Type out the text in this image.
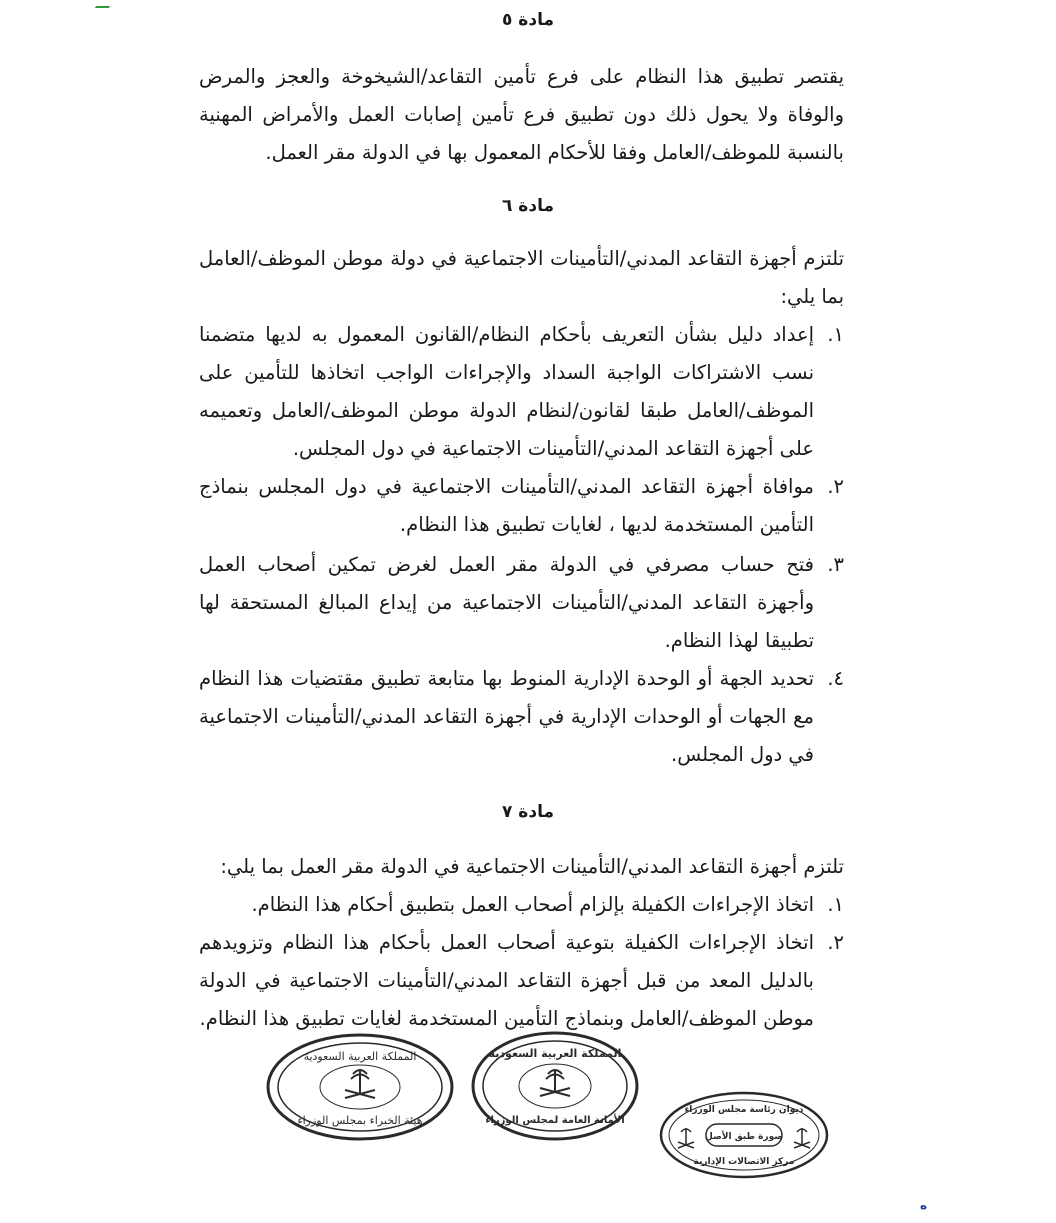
مادة ٥

يقتصر تطبيق هذا النظام على فرع تأمين التقاعد/الشيخوخة والعجز والمرض والوفاة ولا يحول ذلك دون تطبيق فرع تأمين إصابات العمل والأمراض المهنية بالنسبة للموظف/العامل وفقا للأحكام المعمول بها في الدولة مقر العمل.

مادة ٦

تلتزم أجهزة التقاعد المدني/التأمينات الاجتماعية في دولة موطن الموظف/العامل بما يلي:

١.

إعداد دليل بشأن التعريف بأحكام النظام/القانون المعمول به لديها متضمنا نسب الاشتراكات الواجبة السداد والإجراءات الواجب اتخاذها للتأمين على الموظف/العامل طبقا لقانون/لنظام الدولة موطن الموظف/العامل وتعميمه على أجهزة التقاعد المدني/التأمينات الاجتماعية في دول المجلس.

٢.

موافاة أجهزة التقاعد المدني/التأمينات الاجتماعية في دول المجلس بنماذج التأمين المستخدمة لديها ، لغايات تطبيق هذا النظام.

٣.

فتح حساب مصرفي في الدولة مقر العمل لغرض تمكين أصحاب العمل وأجهزة التقاعد المدني/التأمينات الاجتماعية من إيداع المبالغ المستحقة لها تطبيقا لهذا النظام.

٤.

تحديد الجهة أو الوحدة الإدارية المنوط بها متابعة تطبيق مقتضيات هذا النظام مع الجهات أو الوحدات الإدارية في أجهزة التقاعد المدني/التأمينات الاجتماعية في دول المجلس.

مادة ٧

تلتزم أجهزة التقاعد المدني/التأمينات الاجتماعية في الدولة مقر العمل بما يلي:

١.

اتخاذ الإجراءات الكفيلة بإلزام أصحاب العمل بتطبيق أحكام هذا النظام.

٢.

اتخاذ الإجراءات الكفيلة بتوعية أصحاب العمل بأحكام هذا النظام وتزويدهم بالدليل المعد من قبل أجهزة التقاعد المدني/التأمينات الاجتماعية في الدولة موطن الموظف/العامل وبنماذج التأمين المستخدمة لغايات تطبيق هذا النظام.

المملكة العربية السعودية
هيئة الخبراء بمجلس الوزراء
المملكة العربية السعودية
الأمانة العامة لمجلس الوزراء
ديوان رئاسة مجلس الوزراء
صورة طبق الأصل
مركز الاتصالات الإدارية
ه
